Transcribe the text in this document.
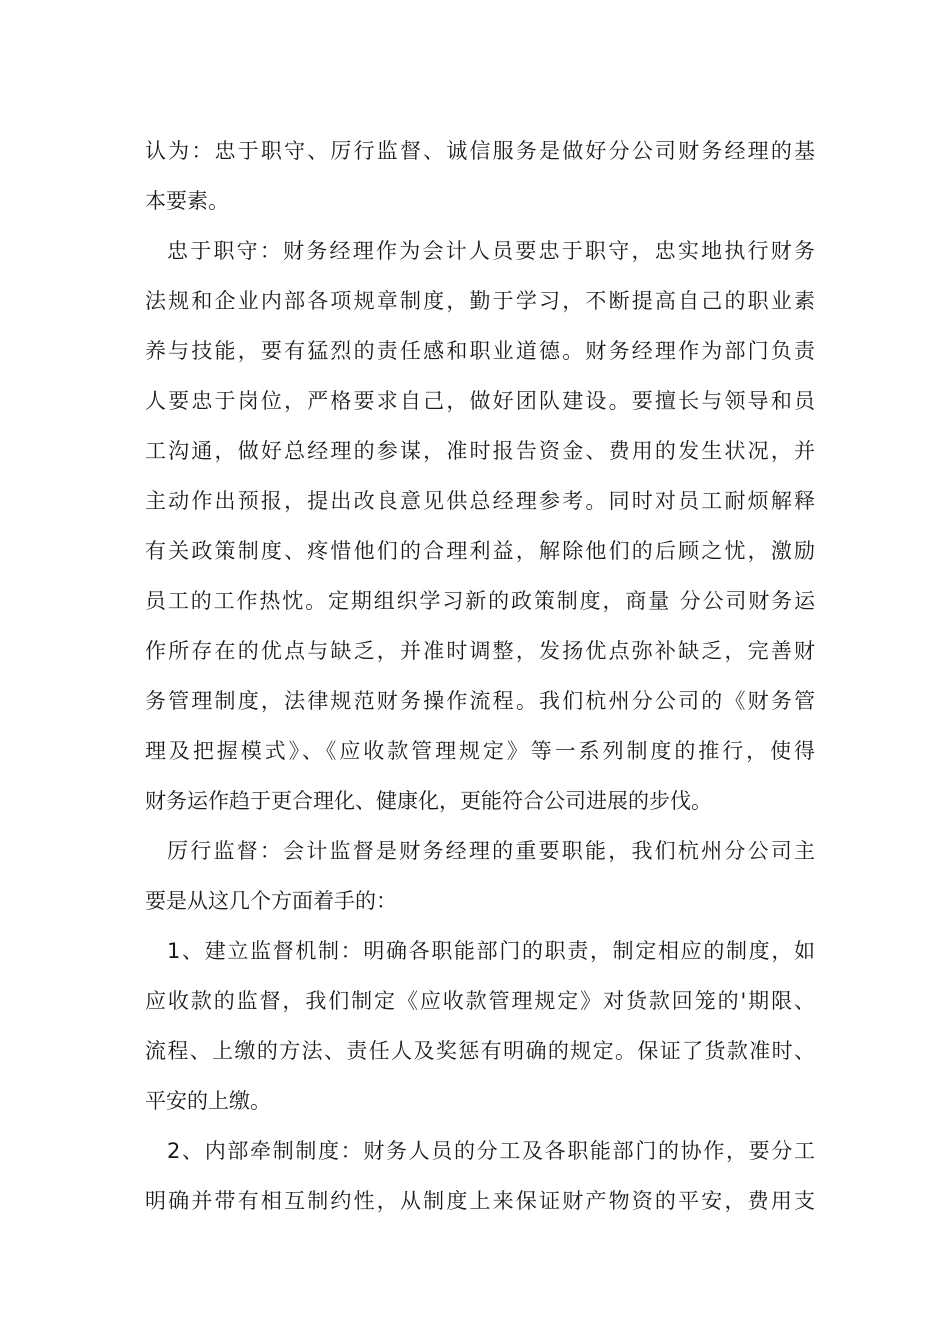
认为：忠于职守、厉行监督、诚信服务是做好分公司财务经理的基
本要素。
忠于职守：财务经理作为会计人员要忠于职守，忠实地执行财务
法规和企业内部各项规章制度，勤于学习，不断提高自己的职业素
养与技能，要有猛烈的责任感和职业道德。财务经理作为部门负责
人要忠于岗位，严格要求自己，做好团队建设。要擅长与领导和员
工沟通，做好总经理的参谋，准时报告资金、费用的发生状况，并
主动作出预报，提出改良意见供总经理参考。同时对员工耐烦解释
有关政策制度、疼惜他们的合理利益，解除他们的后顾之忧，激励
员工的工作热忱。定期组织学习新的政策制度，商量 分公司财务运
作所存在的优点与缺乏，并准时调整，发扬优点弥补缺乏，完善财
务管理制度，法律规范财务操作流程。我们杭州分公司的《财务管
理及把握模式》、《应收款管理规定》等一系列制度的推行，使得
财务运作趋于更合理化、健康化，更能符合公司进展的步伐。
厉行监督：会计监督是财务经理的重要职能，我们杭州分公司主
要是从这几个方面着手的：
1、建立监督机制：明确各职能部门的职责，制定相应的制度，如
应收款的监督，我们制定《应收款管理规定》对货款回笼的'期限、
流程、上缴的方法、责任人及奖惩有明确的规定。保证了货款准时、
平安的上缴。
2、内部牵制制度：财务人员的分工及各职能部门的协作，要分工
明确并带有相互制约性，从制度上来保证财产物资的平安，费用支
